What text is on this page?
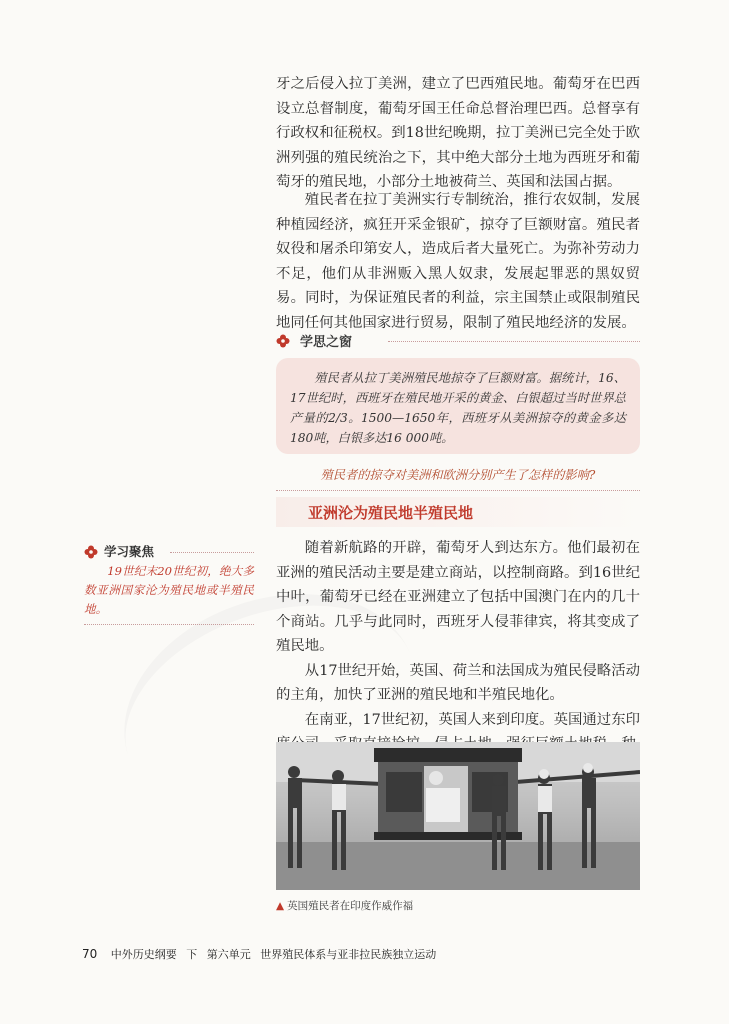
牙之后侵入拉丁美洲，建立了巴西殖民地。葡萄牙在巴西设立总督制度，葡萄牙国王任命总督治理巴西。总督享有行政权和征税权。到18世纪晚期，拉丁美洲已完全处于欧洲列强的殖民统治之下，其中绝大部分土地为西班牙和葡萄牙的殖民地，小部分土地被荷兰、英国和法国占据。

殖民者在拉丁美洲实行专制统治，推行农奴制，发展种植园经济，疯狂开采金银矿，掠夺了巨额财富。殖民者奴役和屠杀印第安人，造成后者大量死亡。为弥补劳动力不足，他们从非洲贩入黑人奴隶，发展起罪恶的黑奴贸易。同时，为保证殖民者的利益，宗主国禁止或限制殖民地同任何其他国家进行贸易，限制了殖民地经济的发展。

学思之窗

殖民者从拉丁美洲殖民地掠夺了巨额财富。据统计，16、17世纪时，西班牙在殖民地开采的黄金、白银超过当时世界总产量的2/3。1500—1650年，西班牙从美洲掠夺的黄金多达180吨，白银多达16 000吨。

殖民者的掠夺对美洲和欧洲分别产生了怎样的影响?
亚洲沦为殖民地半殖民地

随着新航路的开辟，葡萄牙人到达东方。他们最初在亚洲的殖民活动主要是建立商站，以控制商路。到16世纪中叶，葡萄牙已经在亚洲建立了包括中国澳门在内的几十个商站。几乎与此同时，西班牙人侵菲律宾，将其变成了殖民地。

从17世纪开始，英国、荷兰和法国成为殖民侵略活动的主角，加快了亚洲的殖民地和半殖民地化。

在南亚，17世纪初，英国人来到印度。英国通过东印

学习聚焦

19世纪末20世纪初，绝大多数亚洲国家沦为殖民地或半殖民地。

▲ 英国殖民者在印度作威作福
70 中外历史纲要 下 第六单元 世界殖民体系与亚非拉民族独立运动
